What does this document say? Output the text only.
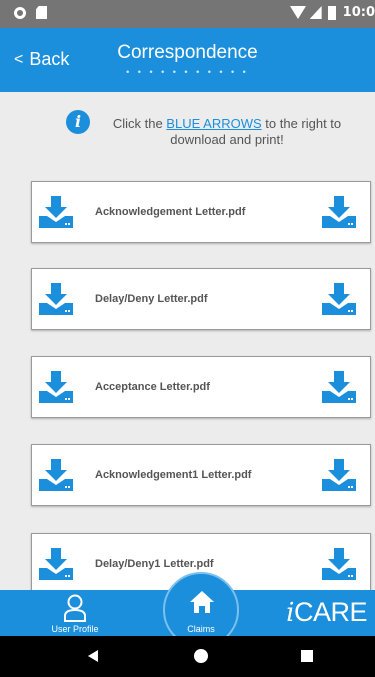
10:0
< Back	Correspondence
• • • • • • • • • • •
i	Click the BLUE ARROWS to the right to download and print!
Acknowledgement Letter.pdf
Delay/Deny Letter.pdf
Acceptance Letter.pdf
Acknowledgement1 Letter.pdf
Delay/Deny1 Letter.pdf
User Profile
iCARE
Claims
